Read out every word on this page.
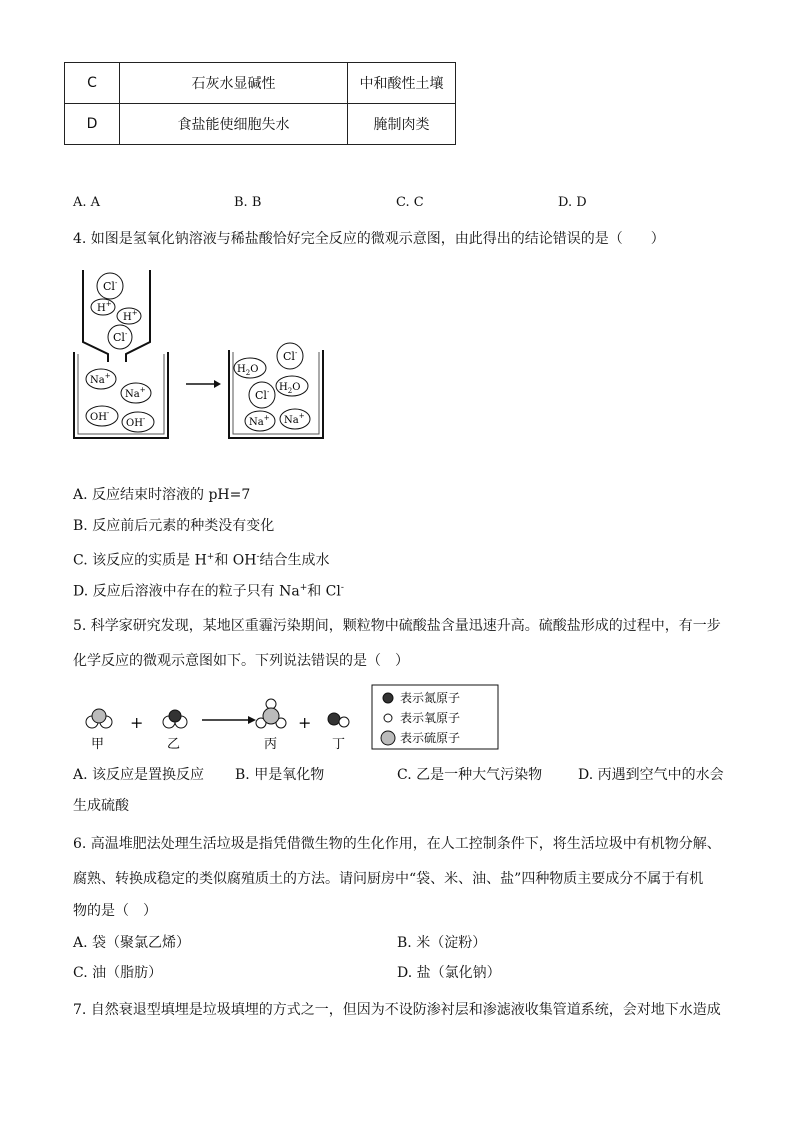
C	石灰水显碱性	中和酸性土壤
D	食盐能使细胞失水	腌制肉类
A. A	B. B	C. C	D. D
4. 如图是氢氧化钠溶液与稀盐酸恰好完全反应的微观示意图，由此得出的结论错误的是（　　）
Cl-
H+
H+
Cl-
Na+
Na+
OH-
OH-
$H_2O$
Cl-
$H_2O$
Cl-
Na+ Na+
A. 反应结束时溶液的 pH=7
B. 反应前后元素的种类没有变化
C. 该反应的实质是 H+和 OH-结合生成水
D. 反应后溶液中存在的粒子只有 Na+和 Cl-
5. 科学家研究发现，某地区重霾污染期间，颗粒物中硫酸盐含量迅速升高。硫酸盐形成的过程中，有一步
化学反应的微观示意图如下。下列说法错误的是（　）
甲
+
乙	丙
+
丁
表示氮原子
表示氧原子
表示硫原子
A. 该反应是置换反应 B. 甲是氧化物	C. 乙是一种大气污染物	D. 丙遇到空气中的水会
生成硫酸
6. 高温堆肥法处理生活垃圾是指凭借微生物的生化作用，在人工控制条件下，将生活垃圾中有机物分解、
腐熟、转换成稳定的类似腐殖质土的方法。请问厨房中“袋、米、油、盐”四种物质主要成分不属于有机
物的是（　）
A. 袋（聚氯乙烯）	B. 米（淀粉）
C. 油（脂肪）	D. 盐（氯化钠）
7. 自然衰退型填埋是垃圾填埋的方式之一，但因为不设防渗衬层和渗滤液收集管道系统，会对地下水造成
